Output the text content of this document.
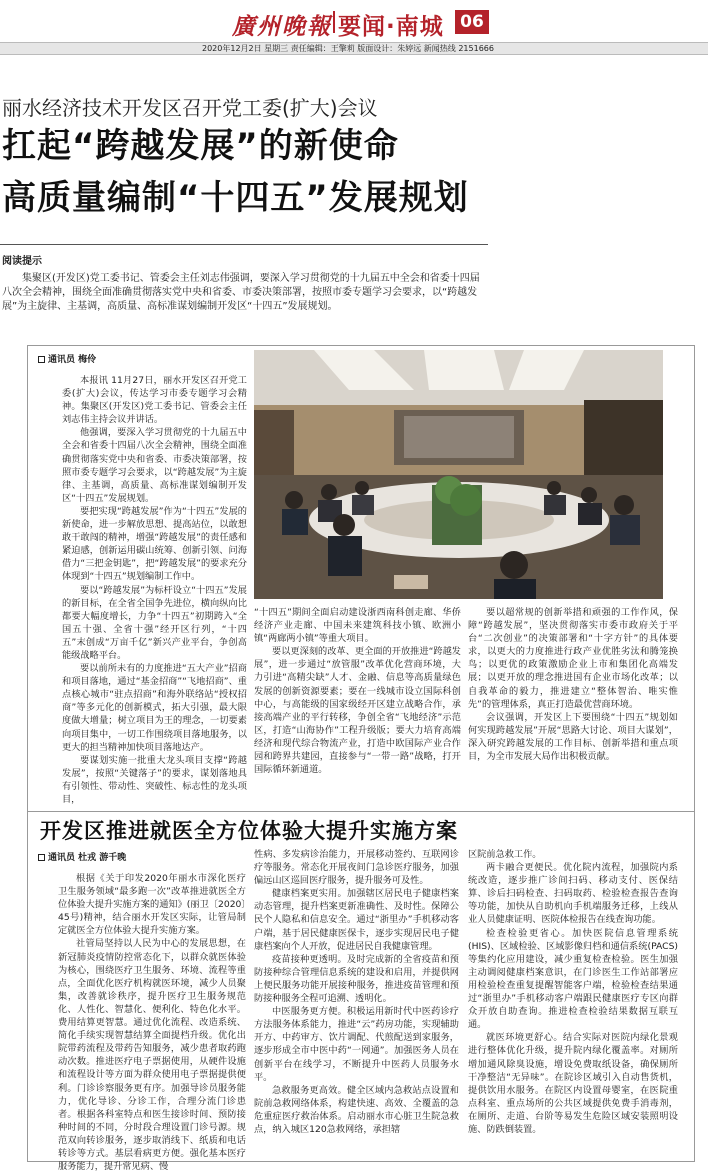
廣州晚報 要闻·南城 06
2020年12月2日 星期三 责任编辑：王擎莉 版面设计：朱婷远 新闻热线 2151666
丽水经济技术开发区召开党工委(扩大)会议
扛起“跨越发展”的新使命
高质量编制“十四五”发展规划
阅读提示
集聚区(开发区)党工委书记、管委会主任刘志伟强调，要深入学习贯彻党的十九届五中全会和省委十四届八次全会精神，围绕全面准确贯彻落实党中央和省委、市委决策部署，按照市委专题学习会要求，以“跨越发展”为主旋律、主基调，高质量、高标准谋划编制开发区“十四五”发展规划。
通讯员 梅伶

本报讯 11月27日，丽水开发区召开党工委(扩大)会议，传达学习市委专题学习会精神。集聚区(开发区)党工委书记、管委会主任刘志伟主持会议并讲话。

他强调，要深入学习贯彻党的十九届五中全会和省委十四届八次全会精神，围绕全面准确贯彻落实党中央和省委、市委决策部署，按照市委专题学习会要求，以“跨越发展”为主旋律、主基调，高质量、高标准谋划编制开发区“十四五”发展规划。

要把实现“跨越发展”作为“十四五”发展的新使命，进一步解放思想、提高站位，以敢想敢干敢闯的精神，增强“跨越发展”的责任感和紧迫感，创新运用碳山统筹、创新引领、问海借力“三把金钥匙”，把“跨越发展”的要求充分体现到“十四五”规划编制工作中。

要以“跨越发展”为标杆设立“十四五”发展的新目标，在全省全国争先进位，横向纵向比都要大幅度增长，力争“十四五”初期跨入“全国五十强、全省十强”经开区行列，“十四五”末创成“万亩千亿”新兴产业平台，争创高能级战略平台。

要以前所未有的力度推进“五大产业”招商和项目落地，通过“基金招商”“飞地招商”、重点核心城市“驻点招商”和海外联络站“授权招商”等多元化的创新模式，拓大引强，最大限度做大增量；树立项目为王的理念，一切要素向项目集中，一切工作围绕项目落地服务，以更大的担当精神加快项目落地达产。

要谋划实施一批重大龙头项目支撑“跨越发展”，按照“关键落子”的要求，谋划落地具有引领性、带动性、突破性、标志性的龙头项目，

“十四五”期间全面启动建设浙西南科创走廊、华侨经济产业走廊、中国未来建筑科技小镇、欧洲小镇“两廊两小镇”等重大项目。

要以更深刻的改革、更全面的开放推进“跨越发展”，进一步通过“放管服”改革优化营商环境，大力引进“高精尖缺”人才、金融、信息等高质量绿色发展的创新资源要素；要在一线城市设立国际科创中心，与高能级的国家级经开区建立战略合作，承接高端产业的平行转移，争创全省“飞地经济”示范区，打造“山海协作”工程升级版；要大力培育高端经济和现代综合物流产业，打造中欧国际产业合作园和跨界共建园，直接参与“一带一路”战略，打开国际循环新通道。

要以超常规的创新举措和顽强的工作作风，保障“跨越发展”，坚决贯彻落实市委市政府关于平台“二次创业”的决策部署和“十字方针”的具体要求，以更大的力度推进行政产业优胜劣汰和腾笼换鸟；以更优的政策激励企业上市和集团化高端发展；以更开放的理念推进国有企业市场化改革；以自我革命的毅力，推进建立“整体智治、唯实惟先”的管理体系，真正打造最优营商环境。

会议强调，开发区上下要围绕“十四五”规划如何实现跨越发展”开展“思路大讨论、项目大谋划”，深入研究跨越发展的工作目标、创新举措和重点项目，为全市发展大局作出积极贡献。

开发区推进就医全方位体验大提升实施方案
通讯员 杜戎 游千晚

根据《关于印发2020年丽水市深化医疗卫生服务领域“最多跑一次”改革推进就医全方位体验大提升实施方案的通知》(丽卫〔2020〕45号)精神，结合丽水开发区实际，让管局制定就医全方位体验大提升实施方案。

社管局坚持以人民为中心的发展思想，在新冠肺炎疫情防控常态化下，以群众就医体验为核心，围绕医疗卫生服务、环境、流程等重点，全面优化医疗机构就医环境，减少人员聚集，改善就诊秩序，提升医疗卫生服务规范化、人性化、智慧化、便利化、特色化水平。费用结算更智慧。通过优化流程、改造系统、简化手续实现智慧结算全面提档升级。优化出院带药流程及带药告知服务，减少患者取药跑动次数。推进医疗电子票据使用，从硬件设施和流程设计等方面为群众使用电子票据提供便利。门诊诊察服务更有序。加强导诊员服务能力，优化导诊、分诊工作，合理分流门诊患者。根据各科室特点和医生接诊时间、预防接种时间的不同，分时段合理设置门诊号源。规范双向转诊服务，逐步取消线下、纸质和电话转诊等方式。基层看病更方便。强化基本医疗服务能力，提升常见病、慢

性病、多发病诊治能力，开展移动签约、互联网诊疗等服务。常态化开展夜间门急诊医疗服务，加强偏远山区巡回医疗服务，提升服务可及性。

健康档案更实用。加强辖区居民电子健康档案动态管理，提升档案更新准确性、及时性。保障公民个人隐私和信息安全。通过“浙里办”手机移动客户端，基于居民健康医保卡，逐步实现居民电子健康档案向个人开放，促进居民自我健康管理。

疫苗接种更透明。及时完成新的全省疫苗和预防接种综合管理信息系统的建设和启用，并提供网上便民服务功能开展接种服务，推进疫苗管理和预防接种服务全程可追溯、透明化。

中医服务更方便。积极运用新时代中医药诊疗方法服务体系能力，推进“云”药房功能，实现辅助开方、中药审方、饮片调配、代煎配送到家服务，逐步形成全市中医中药“一网通”。加强医务人员在创新平台在线学习，不断提升中医药人员服务水平。

急救服务更高效。健全区域内急救站点设置和院前急救网络体系，构建快速、高效、全覆盖的急危重症医疗救治体系。启动丽水市心脏卫生院急救点，纳入城区120急救网络，承担辖

区院前急救工作。

两卡融合更便民。优化院内流程，加强院内系统改造，逐步推广诊间扫码、移动支付、医保结算、诊后扫码检查、扫码取药、检验检查报告查询等功能，加快从自助机向手机端服务迁移，上线从业人员健康证明、医院体检报告在线查询功能。

检查检验更省心。加快医院信息管理系统(HIS)、区域检验、区域影像归档和通信系统(PACS)等集约化应用建设，减少重复检查检验。医生加强主动调阅健康档案意识，在门诊医生工作站部署应用检验检查重复提醒智能客户端，检验检查结果通过“浙里办”手机移动客户端跟民健康医疗专区向群众开放自助查询。推进检查检验结果数据互联互通。

就医环境更舒心。结合实际对医院内绿化景观进行整体优化升级，提升院内绿化覆盖率。对厕所增加通风除臭设施，增设免费取纸设备，确保厕所干净整洁“无异味”。在院诊区域引入自动售货机，提供饮用水服务。在院区内设置母婴室，在医院重点科室、重点场所的公共区域提供免费手消毒剂，在厕所、走道、台阶等易发生危险区域安装照明设施、防跌倒装置。
